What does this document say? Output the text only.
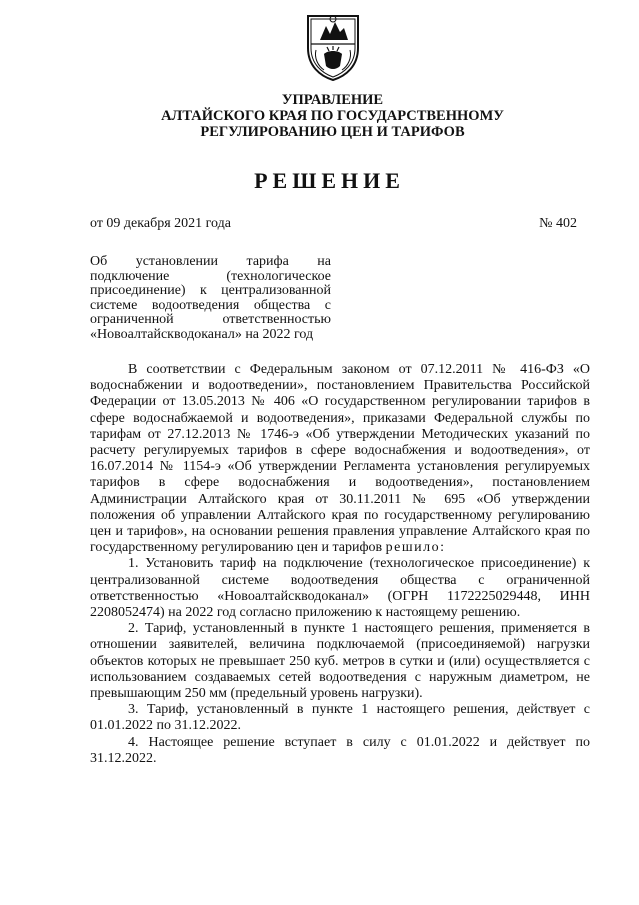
УПРАВЛЕНИЕ
АЛТАЙСКОГО КРАЯ ПО ГОСУДАРСТВЕННОМУ
РЕГУЛИРОВАНИЮ ЦЕН И ТАРИФОВ
РЕШЕНИЕ
от 09 декабря 2021 года	№ 402
Об установлении тарифа на
подключение (технологическое
присоединение) к централизованной
системе водоотведения общества с
ограниченной ответственностью
«Новоалтайскводоканал» на 2022 год

В соответствии с Федеральным законом от 07.12.2011 № 416-ФЗ «О водоснабжении и водоотведении», постановлением Правительства Российской Федерации от 13.05.2013 № 406 «О государственном регулировании тарифов в сфере водоснабжаемой и водоотведения», приказами Федеральной службы по тарифам от 27.12.2013 № 1746-э «Об утверждении Методических указаний по расчету регулируемых тарифов в сфере водоснабжения и водоотведения», от 16.07.2014 № 1154-э «Об утверждении Регламента установления регулируемых тарифов в сфере водоснабжения и водоотведения», постановлением Администрации Алтайского края от 30.11.2011 № 695 «Об утверждении положения об управлении Алтайского края по государственному регулированию цен и тарифов», на основании решения правления управление Алтайского края по государственному регулированию цен и тарифов решило:

1. Установить тариф на подключение (технологическое присоединение) к централизованной системе водоотведения общества с ограниченной ответственностью «Новоалтайскводоканал» (ОГРН 1172225029448, ИНН 2208052474) на 2022 год согласно приложению к настоящему решению.

2. Тариф, установленный в пункте 1 настоящего решения, применяется в отношении заявителей, величина подключаемой (присоединяемой) нагрузки объектов которых не превышает 250 куб. метров в сутки и (или) осуществляется с использованием создаваемых сетей водоотведения с наружным диаметром, не превышающим 250 мм (предельный уровень нагрузки).

3. Тариф, установленный в пункте 1 настоящего решения, действует с 01.01.2022 по 31.12.2022.

4. Настоящее решение вступает в силу с 01.01.2022 и действует по 31.12.2022.
